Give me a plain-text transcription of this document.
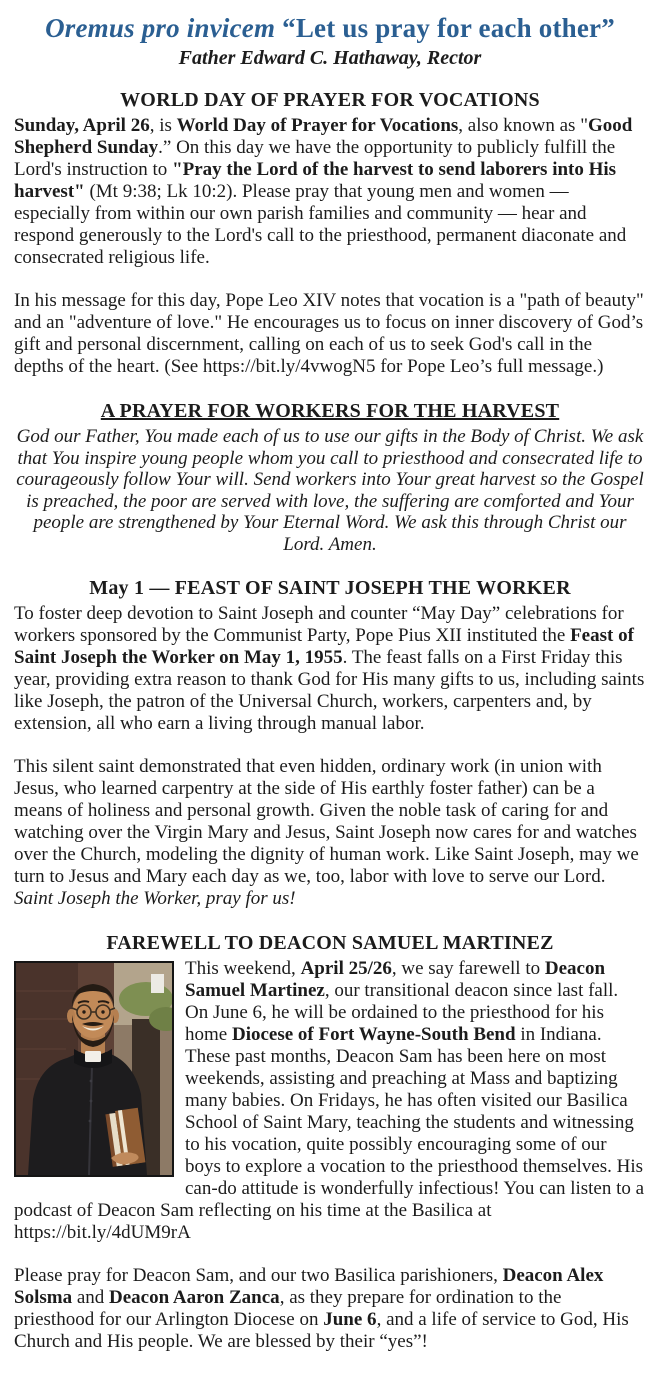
Oremus pro invicem “Let us pray for each other”
Father Edward C. Hathaway, Rector
WORLD DAY OF PRAYER FOR VOCATIONS

Sunday, April 26, is World Day of Prayer for Vocations, also known as "Good Shepherd Sunday.” On this day we have the opportunity to publicly fulfill the Lord's instruction to "Pray the Lord of the harvest to send laborers into His harvest" (Mt 9:38; Lk 10:2). Please pray that young men and women — especially from within our own parish families and community — hear and respond generously to the Lord's call to the priesthood, permanent diaconate and consecrated religious life.

In his message for this day, Pope Leo XIV notes that vocation is a "path of beauty" and an "adventure of love." He encourages us to focus on inner discovery of God’s gift and personal discernment, calling on each of us to seek God's call in the depths of the heart. (See https://bit.ly/4vwogN5 for Pope Leo’s full message.)

A PRAYER FOR WORKERS FOR THE HARVEST

God our Father, You made each of us to use our gifts in the Body of Christ. We ask that You inspire young people whom you call to priesthood and consecrated life to courageously follow Your will. Send workers into Your great harvest so the Gospel is preached, the poor are served with love, the suffering are comforted and Your people are strengthened by Your Eternal Word. We ask this through Christ our Lord. Amen.

May 1 — FEAST OF SAINT JOSEPH THE WORKER

To foster deep devotion to Saint Joseph and counter “May Day” celebrations for workers sponsored by the Communist Party, Pope Pius XII instituted the Feast of Saint Joseph the Worker on May 1, 1955. The feast falls on a First Friday this year, providing extra reason to thank God for His many gifts to us, including saints like Joseph, the patron of the Universal Church, workers, carpenters and, by extension, all who earn a living through manual labor.

This silent saint demonstrated that even hidden, ordinary work (in union with Jesus, who learned carpentry at the side of His earthly foster father) can be a means of holiness and personal growth. Given the noble task of caring for and watching over the Virgin Mary and Jesus, Saint Joseph now cares for and watches over the Church, modeling the dignity of human work. Like Saint Joseph, may we turn to Jesus and Mary each day as we, too, labor with love to serve our Lord. Saint Joseph the Worker, pray for us!

FAREWELL TO DEACON SAMUEL MARTINEZ

This weekend, April 25/26, we say farewell to Deacon Samuel Martinez, our transitional deacon since last fall. On June 6, he will be ordained to the priesthood for his home Diocese of Fort Wayne-South Bend in Indiana. These past months, Deacon Sam has been here on most weekends, assisting and preaching at Mass and baptizing many babies. On Fridays, he has often visited our Basilica School of Saint Mary, teaching the students and witnessing to his vocation, quite possibly encouraging some of our boys to explore a vocation to the priesthood themselves. His can-do attitude is wonderfully infectious! You can listen to a podcast of Deacon Sam reflecting on his time at the Basilica at https://bit.ly/4dUM9rA

Please pray for Deacon Sam, and our two Basilica parishioners, Deacon Alex Solsma and Deacon Aaron Zanca, as they prepare for ordination to the priesthood for our Arlington Diocese on June 6, and a life of service to God, His Church and His people. We are blessed by their “yes”!
